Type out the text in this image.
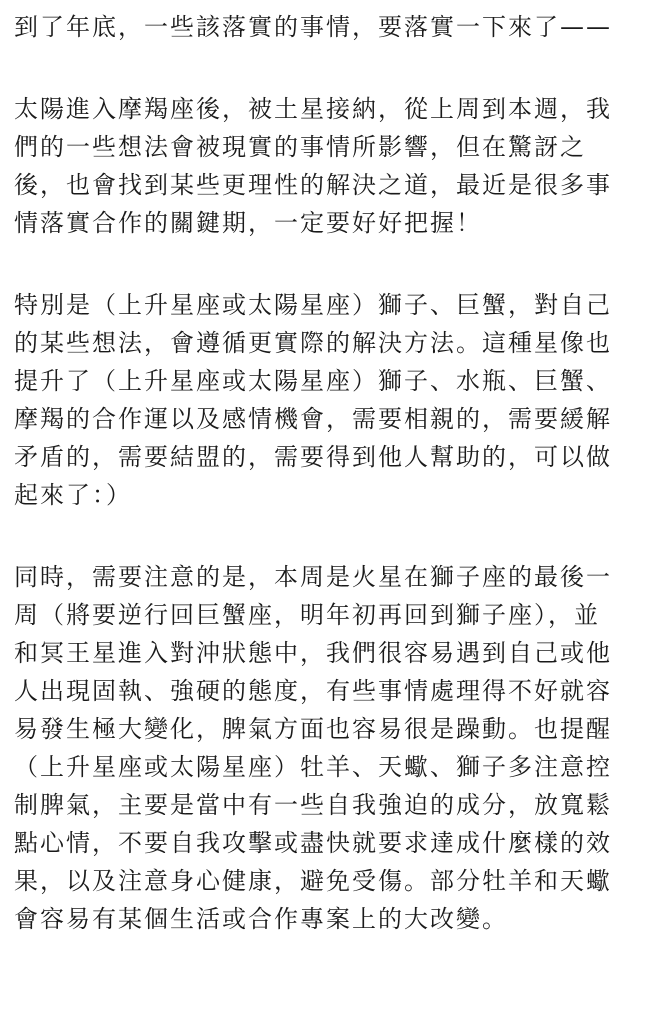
到了年底，一些該落實的事情，要落實一下來了——
太陽進入摩羯座後，被土星接納，從上周到本週，我
們的一些想法會被現實的事情所影響，但在驚訝之
後，也會找到某些更理性的解決之道，最近是很多事
情落實合作的關鍵期，一定要好好把握！
特別是（上升星座或太陽星座）獅子、巨蟹，對自己
的某些想法，會遵循更實際的解決方法。這種星像也
提升了（上升星座或太陽星座）獅子、水瓶、巨蟹、
摩羯的合作運以及感情機會，需要相親的，需要緩解
矛盾的，需要結盟的，需要得到他人幫助的，可以做
起來了：）
同時，需要注意的是，本周是火星在獅子座的最後一
周（將要逆行回巨蟹座，明年初再回到獅子座），並
和冥王星進入對沖狀態中，我們很容易遇到自己或他
人出現固執、強硬的態度，有些事情處理得不好就容
易發生極大變化，脾氣方面也容易很是躁動。也提醒
（上升星座或太陽星座）牡羊、天蠍、獅子多注意控
制脾氣，主要是當中有一些自我強迫的成分，放寬鬆
點心情，不要自我攻擊或盡快就要求達成什麼樣的效
果，以及注意身心健康，避免受傷。部分牡羊和天蠍
會容易有某個生活或合作專案上的大改變。
